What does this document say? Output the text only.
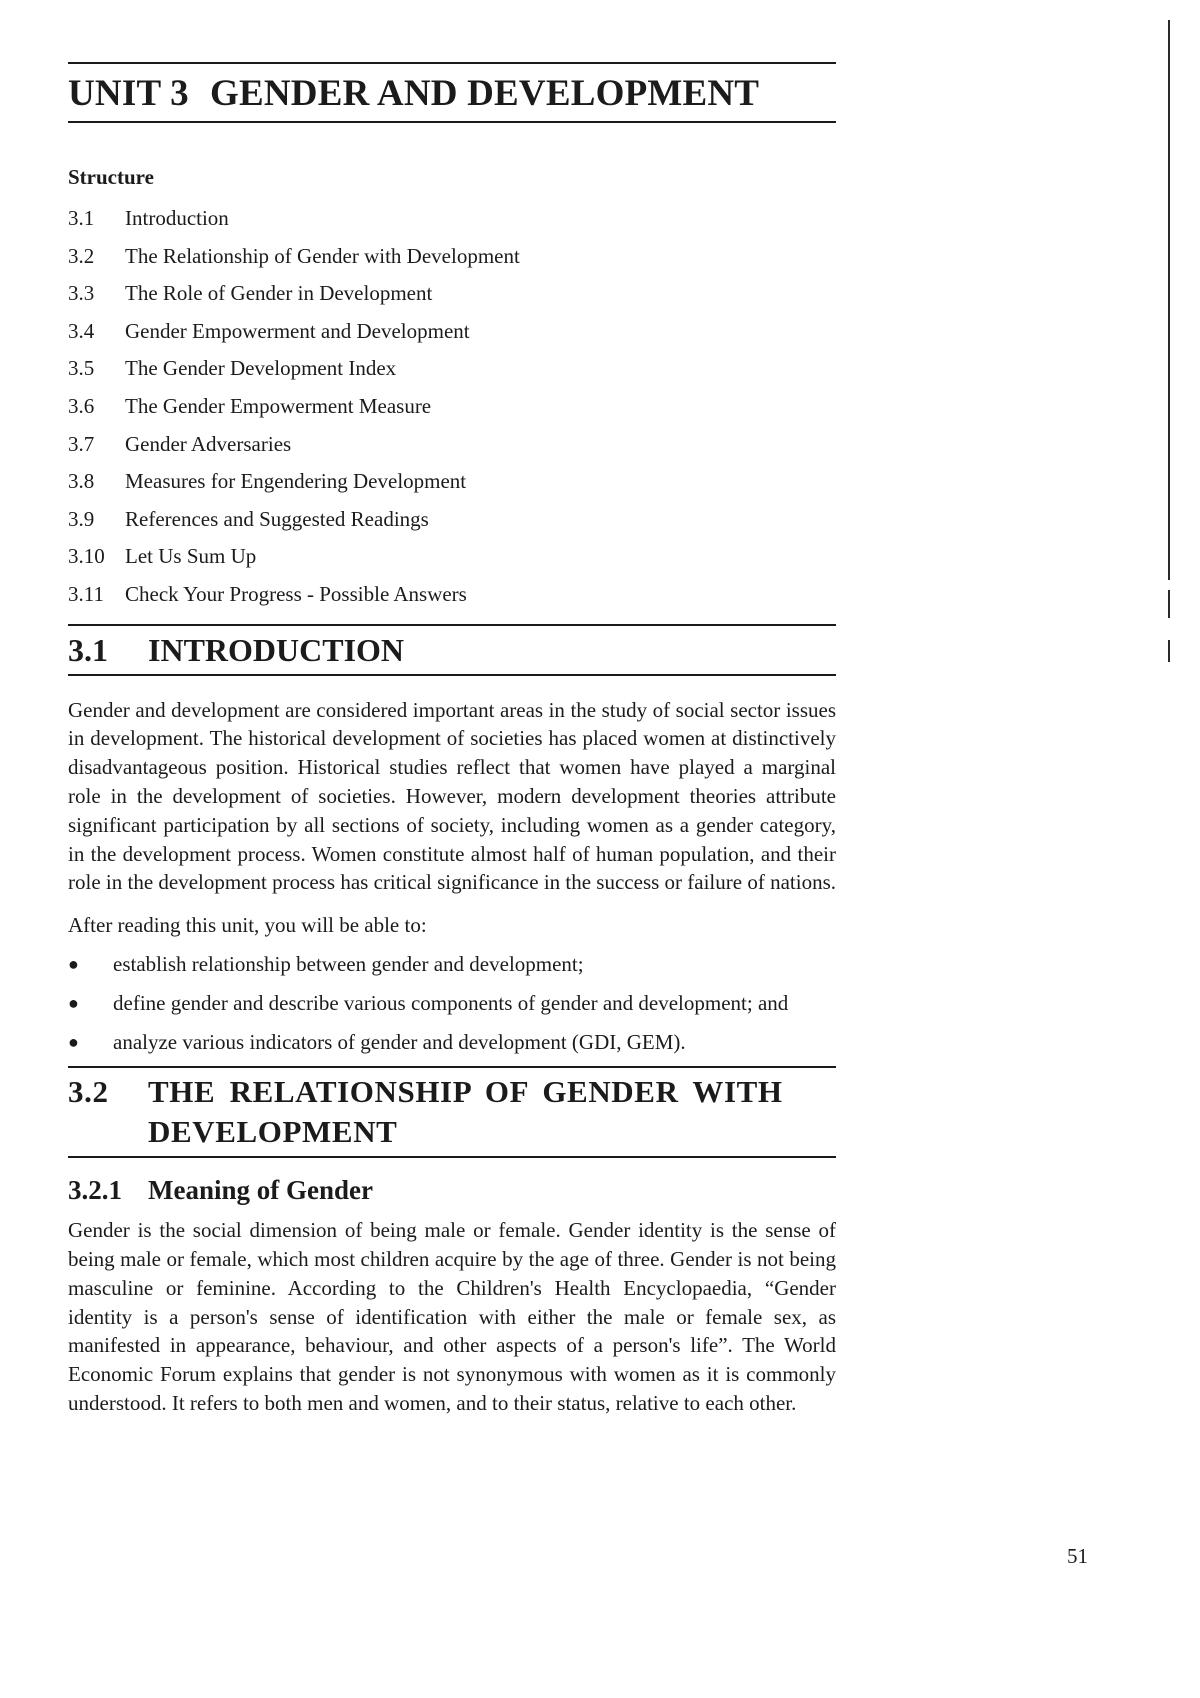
UNIT 3 GENDER AND DEVELOPMENT
Structure
3.1 Introduction
3.2 The Relationship of Gender with Development
3.3 The Role of Gender in Development
3.4 Gender Empowerment and Development
3.5 The Gender Development Index
3.6 The Gender Empowerment Measure
3.7 Gender Adversaries
3.8 Measures for Engendering Development
3.9 References and Suggested Readings
3.10 Let Us Sum Up
3.11 Check Your Progress - Possible Answers
3.1	INTRODUCTION

Gender and development are considered important areas in the study of social sector issues in development. The historical development of societies has placed women at distinctively disadvantageous position. Historical studies reflect that women have played a marginal role in the development of societies. However, modern development theories attribute significant participation by all sections of society, including women as a gender category, in the development process. Women constitute almost half of human population, and their role in the development process has critical significance in the success or failure of nations.

After reading this unit, you will be able to:

● establish relationship between gender and development;
● define gender and describe various components of gender and development; and
● analyze various indicators of gender and development (GDI, GEM).
3.2	THE RELATIONSHIP OF GENDER WITH
DEVELOPMENT
3.2.1 Meaning of Gender

Gender is the social dimension of being male or female. Gender identity is the sense of being male or female, which most children acquire by the age of three. Gender is not being masculine or feminine. According to the Children's Health Encyclopaedia, “Gender identity is a person's sense of identification with either the male or female sex, as manifested in appearance, behaviour, and other aspects of a person's life”. The World Economic Forum explains that gender is not synonymous with women as it is commonly understood. It refers to both men and women, and to their status, relative to each other.

51
